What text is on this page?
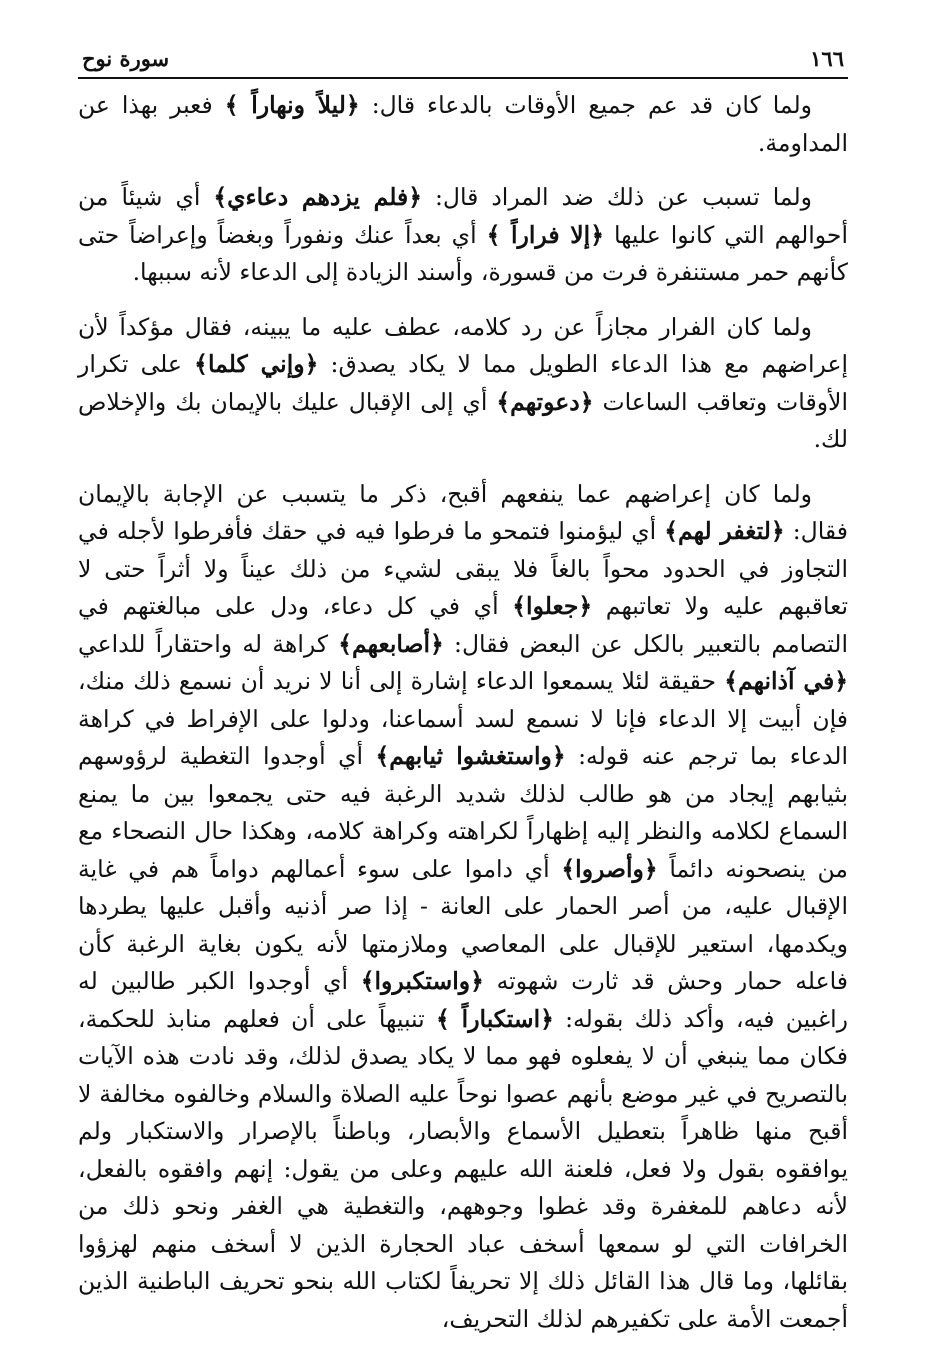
١٦٦
سورة نوح

ولما كان قد عم جميع الأوقات بالدعاء قال: ﴿ليلاً ونهاراً ﴾ فعبر بهذا عن المداومة.

ولما تسبب عن ذلك ضد المراد قال: ﴿فلم يزدهم دعاءي﴾ أي شيئاً من أحوالهم التي كانوا عليها ﴿إلا فراراً ﴾ أي بعداً عنك ونفوراً وبغضاً وإعراضاً حتى كأنهم حمر مستنفرة فرت من قسورة، وأسند الزيادة إلى الدعاء لأنه سببها.

ولما كان الفرار مجازاً عن رد كلامه، عطف عليه ما يبينه، فقال مؤكداً لأن إعراضهم مع هذا الدعاء الطويل مما لا يكاد يصدق: ﴿وإني كلما﴾ على تكرار الأوقات وتعاقب الساعات ﴿دعوتهم﴾ أي إلى الإقبال عليك بالإيمان بك والإخلاص لك.

ولما كان إعراضهم عما ينفعهم أقبح، ذكر ما يتسبب عن الإجابة بالإيمان فقال: ﴿لتغفر لهم﴾ أي ليؤمنوا فتمحو ما فرطوا فيه في حقك فأفرطوا لأجله في التجاوز في الحدود محواً بالغاً فلا يبقى لشيء من ذلك عيناً ولا أثراً حتى لا تعاقبهم عليه ولا تعاتبهم ﴿جعلوا﴾ أي في كل دعاء، ودل على مبالغتهم في التصامم بالتعبير بالكل عن البعض فقال: ﴿أصابعهم﴾ كراهة له واحتقاراً للداعي ﴿في آذانهم﴾ حقيقة لئلا يسمعوا الدعاء إشارة إلى أنا لا نريد أن نسمع ذلك منك، فإن أبيت إلا الدعاء فإنا لا نسمع لسد أسماعنا، ودلوا على الإفراط في كراهة الدعاء بما ترجم عنه قوله: ﴿واستغشوا ثيابهم﴾ أي أوجدوا التغطية لرؤوسهم بثيابهم إيجاد من هو طالب لذلك شديد الرغبة فيه حتى يجمعوا بين ما يمنع السماع لكلامه والنظر إليه إظهاراً لكراهته وكراهة كلامه، وهكذا حال النصحاء مع من ينصحونه دائماً ﴿وأصروا﴾ أي داموا على سوء أعمالهم دواماً هم في غاية الإقبال عليه، من أصر الحمار على العانة - إذا صر أذنيه وأقبل عليها يطردها ويكدمها، استعير للإقبال على المعاصي وملازمتها لأنه يكون بغاية الرغبة كأن فاعله حمار وحش قد ثارت شهوته ﴿واستكبروا﴾ أي أوجدوا الكبر طالبين له راغبين فيه، وأكد ذلك بقوله: ﴿استكباراً ﴾ تنبيهاً على أن فعلهم منابذ للحكمة، فكان مما ينبغي أن لا يفعلوه فهو مما لا يكاد يصدق لذلك، وقد نادت هذه الآيات بالتصريح في غير موضع بأنهم عصوا نوحاً عليه الصلاة والسلام وخالفوه مخالفة لا أقبح منها ظاهراً بتعطيل الأسماع والأبصار، وباطناً بالإصرار والاستكبار ولم يوافقوه بقول ولا فعل، فلعنة الله عليهم وعلى من يقول: إنهم وافقوه بالفعل، لأنه دعاهم للمغفرة وقد غطوا وجوههم، والتغطية هي الغفر ونحو ذلك من الخرافات التي لو سمعها أسخف عباد الحجارة الذين لا أسخف منهم لهزؤوا بقائلها، وما قال هذا القائل ذلك إلا تحريفاً لكتاب الله بنحو تحريف الباطنية الذين أجمعت الأمة على تكفيرهم لذلك التحريف،
